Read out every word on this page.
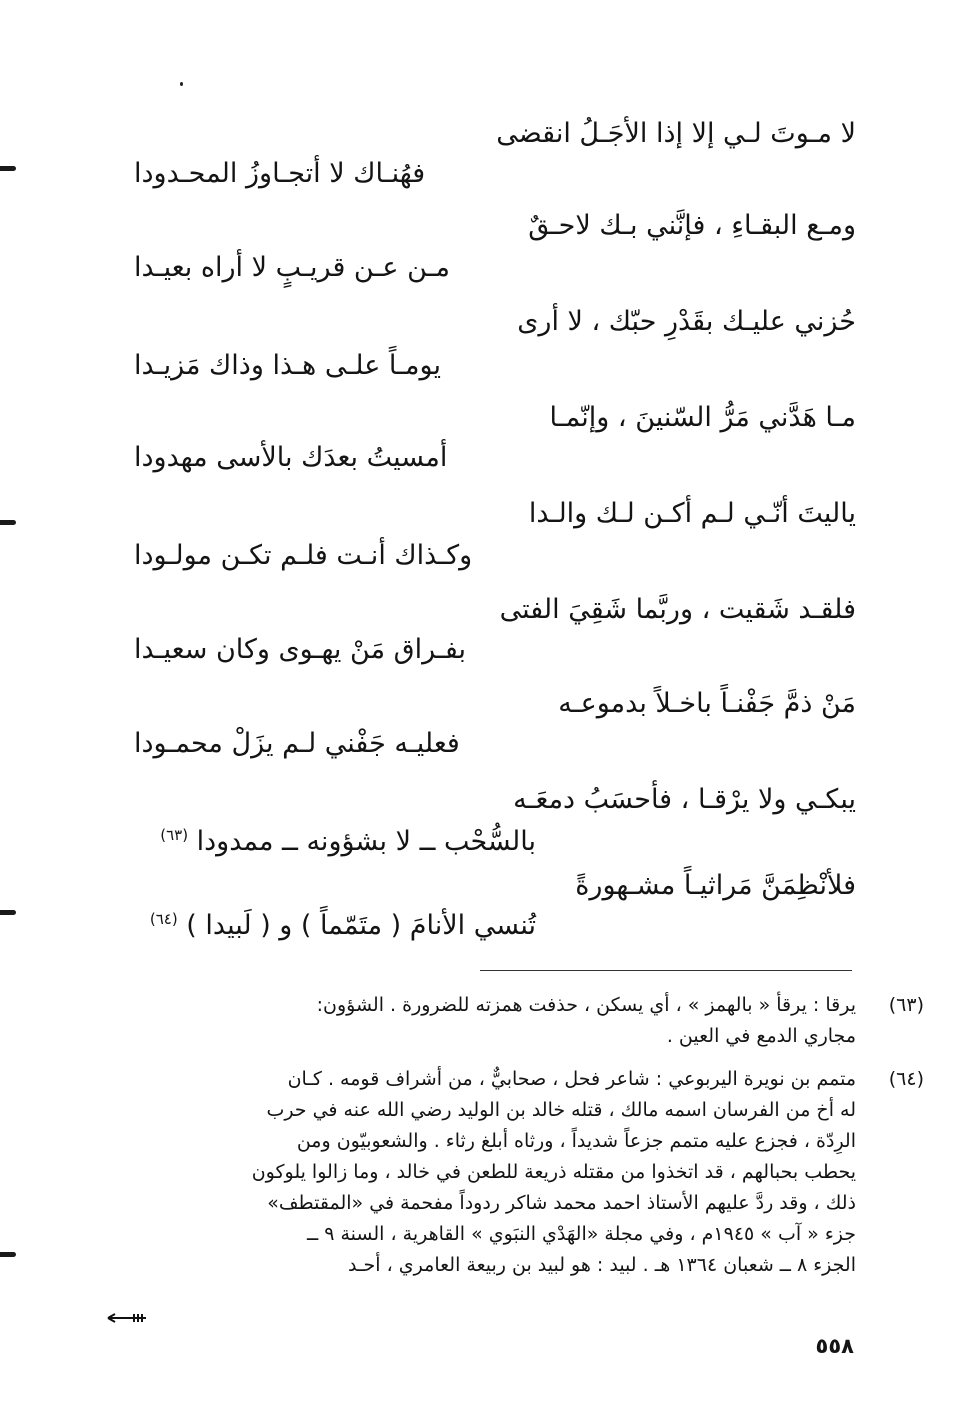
لا مـوتَ لـي إلا إذا الأجَـلُ انقضى

فهُنـاك لا أتجـاوزُ المحـدودا

ومـع البقـاءِ ، فإنَّني بـك لاحـقٌ

مـن عـن قريـبٍ لا أراه بعيـدا

حُزني عليـك بقَدْرِ حبّك ، لا أرى

يومـاً علـى هـذا وذاك مَزيـدا

مـا هَدَّني مَرُّ السّنينَ ، وإنّمـا

أمسيتُ بعدَك بالأسى مهدودا

ياليتَ أنّـي لـم أكـن لـك والـدا

وكـذاك أنـت فلـم تكـن مولـودا

فلقـد شَقيت ، وربَّما شَقِيَ الفتى

بفـراق مَنْ يهـوى وكان سعيـدا

مَنْ ذمَّ جَفْنـاً باخـلاً بدموعـه

فعليـه جَفْني لـم يزَلْ محمـودا

يبكـي ولا يرْقـا ، فأحسَبُ دمعَـه

بالسُّحْب ــ لا بشؤونه ــ ممدودا $^{(٦٣)}$

فلأنْظِمَنَّ مَراثيـاً مشـهورةً

تُنسي الأنامَ ( متَمّماً ) و ( لَبيدا ) $^{(٦٤)}$

(٦٣)
يرقا : يرقأ « بالهمز » ، أي يسكن ، حذفت همزته للضرورة . الشؤون:
مجاري الدمع في العين .
(٦٤)
متمم بن نويرة اليربوعي : شاعر فحل ، صحابيٌّ ، من أشراف قومه . كـان
له أخ من الفرسان اسمه مالك ، قتله خالد بن الوليد رضي الله عنه في حرب
الرِدّة ، فجزع عليه متمم جزعاً شديداً ، ورثاه أبلغ رثاء . والشعوبيّون ومن
يحطب بحبالهم ، قد اتخذوا من مقتله ذريعة للطعن في خالد ، وما زالوا يلوكون
ذلك ، وقد ردَّ عليهم الأستاذ احمد محمد شاكر ردوداً مفحمة في «المقتطف»
جزء « آب » ١٩٤٥م ، وفي مجلة «الهَدْي النبَوي » القاهرية ، السنة ٩ ــ
الجزء ٨ ــ شعبان ١٣٦٤ هـ . لبيد : هو لبيد بن ربيعة العامري ، أحـد
٥٥٨
